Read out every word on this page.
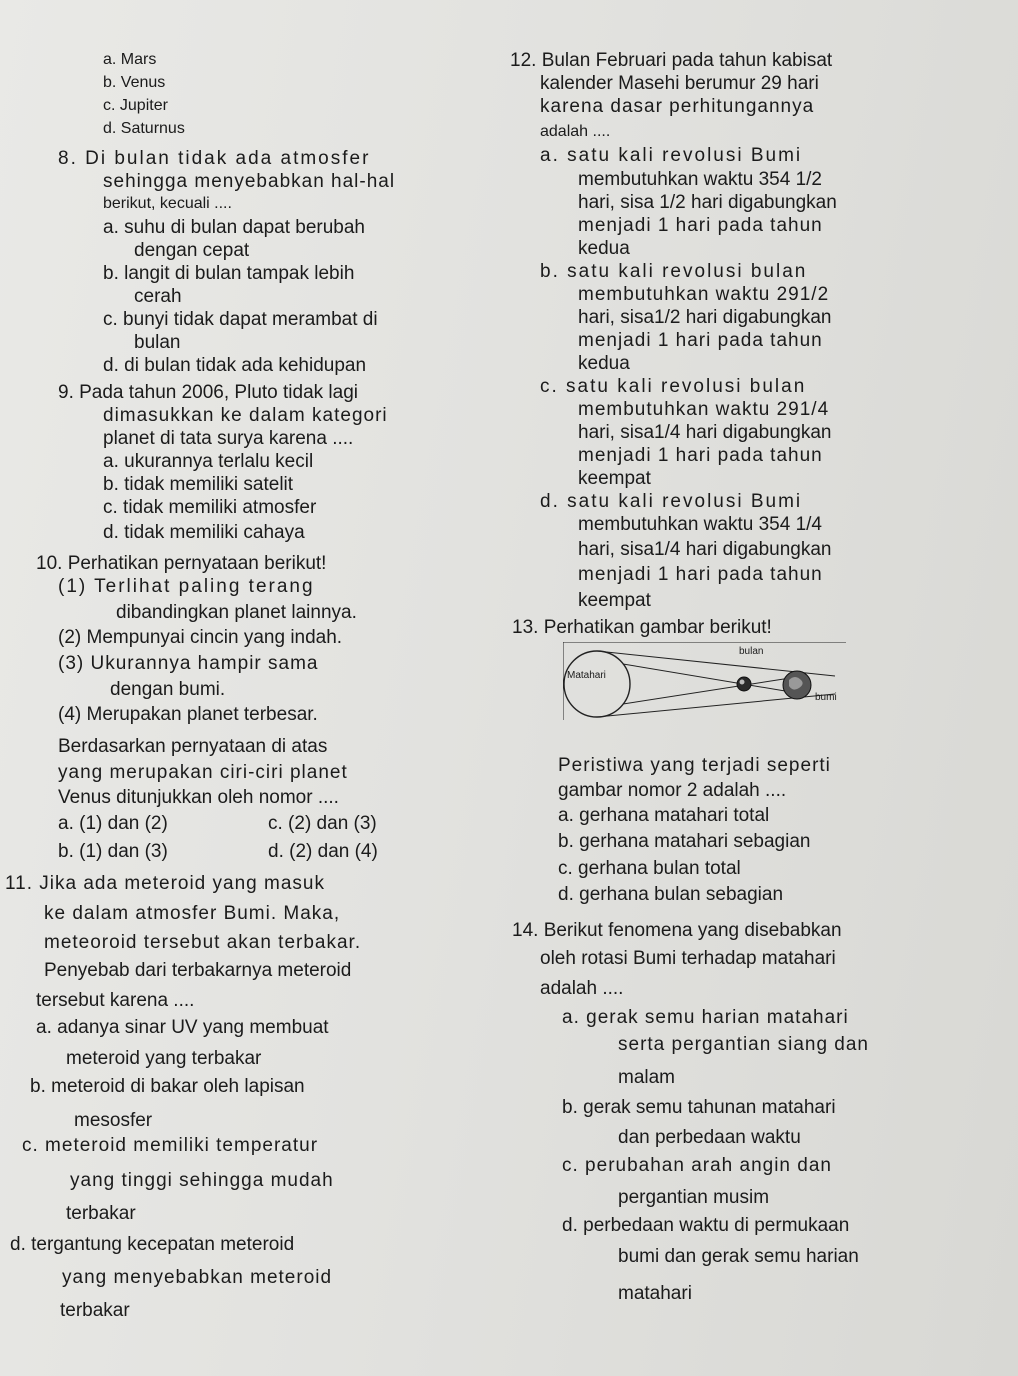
a. Mars
b. Venus
c. Jupiter
d. Saturnus
8. Di bulan tidak ada atmosfer
sehingga menyebabkan hal-hal
berikut, kecuali ....
a. suhu di bulan dapat berubah
dengan cepat
b. langit di bulan tampak lebih
cerah
c. bunyi tidak dapat merambat di
bulan
d. di bulan tidak ada kehidupan
9. Pada tahun 2006, Pluto tidak lagi
dimasukkan ke dalam kategori
planet di tata surya karena ....
a. ukurannya terlalu kecil
b. tidak memiliki satelit
c. tidak memiliki atmosfer
d. tidak memiliki cahaya
10. Perhatikan pernyataan berikut!
(1) Terlihat paling terang
dibandingkan planet lainnya.
(2) Mempunyai cincin yang indah.
(3) Ukurannya hampir sama
dengan bumi.
(4) Merupakan planet terbesar.
Berdasarkan pernyataan di atas
yang merupakan ciri-ciri planet
Venus ditunjukkan oleh nomor ....
a. (1) dan (2)	c. (2) dan (3)
b. (1) dan (3)	d. (2) dan (4)
11. Jika ada meteroid yang masuk
ke dalam atmosfer Bumi. Maka,
meteoroid tersebut akan terbakar.
Penyebab dari terbakarnya meteroid
tersebut karena ....
a. adanya sinar UV yang membuat
meteroid yang terbakar
b. meteroid di bakar oleh lapisan
mesosfer
c. meteroid memiliki temperatur
yang tinggi sehingga mudah
terbakar
d. tergantung kecepatan meteroid
yang menyebabkan meteroid
terbakar
12. Bulan Februari pada tahun kabisat
kalender Masehi berumur 29 hari
karena dasar perhitungannya
adalah ....
a. satu kali revolusi Bumi
membutuhkan waktu 354 1/2
hari, sisa 1/2 hari digabungkan
menjadi 1 hari pada tahun
kedua
b. satu kali revolusi bulan
membutuhkan waktu 291/2
hari, sisa1/2 hari digabungkan
menjadi 1 hari pada tahun
kedua
c. satu kali revolusi bulan
membutuhkan waktu 291/4
hari, sisa1/4 hari digabungkan
menjadi 1 hari pada tahun
keempat
d. satu kali revolusi Bumi
membutuhkan waktu 354 1/4
hari, sisa1/4 hari digabungkan
menjadi 1 hari pada tahun
keempat
13. Perhatikan gambar berikut!
Peristiwa yang terjadi seperti
gambar nomor 2 adalah ....
a. gerhana matahari total
b. gerhana matahari sebagian
c. gerhana bulan total
d. gerhana bulan sebagian
14. Berikut fenomena yang disebabkan
oleh rotasi Bumi terhadap matahari
adalah ....
a. gerak semu harian matahari
serta pergantian siang dan
malam
b. gerak semu tahunan matahari
dan perbedaan waktu
c. perubahan arah angin dan
pergantian musim
d. perbedaan waktu di permukaan
bumi dan gerak semu harian
matahari
Matahari
bulan
bumi
